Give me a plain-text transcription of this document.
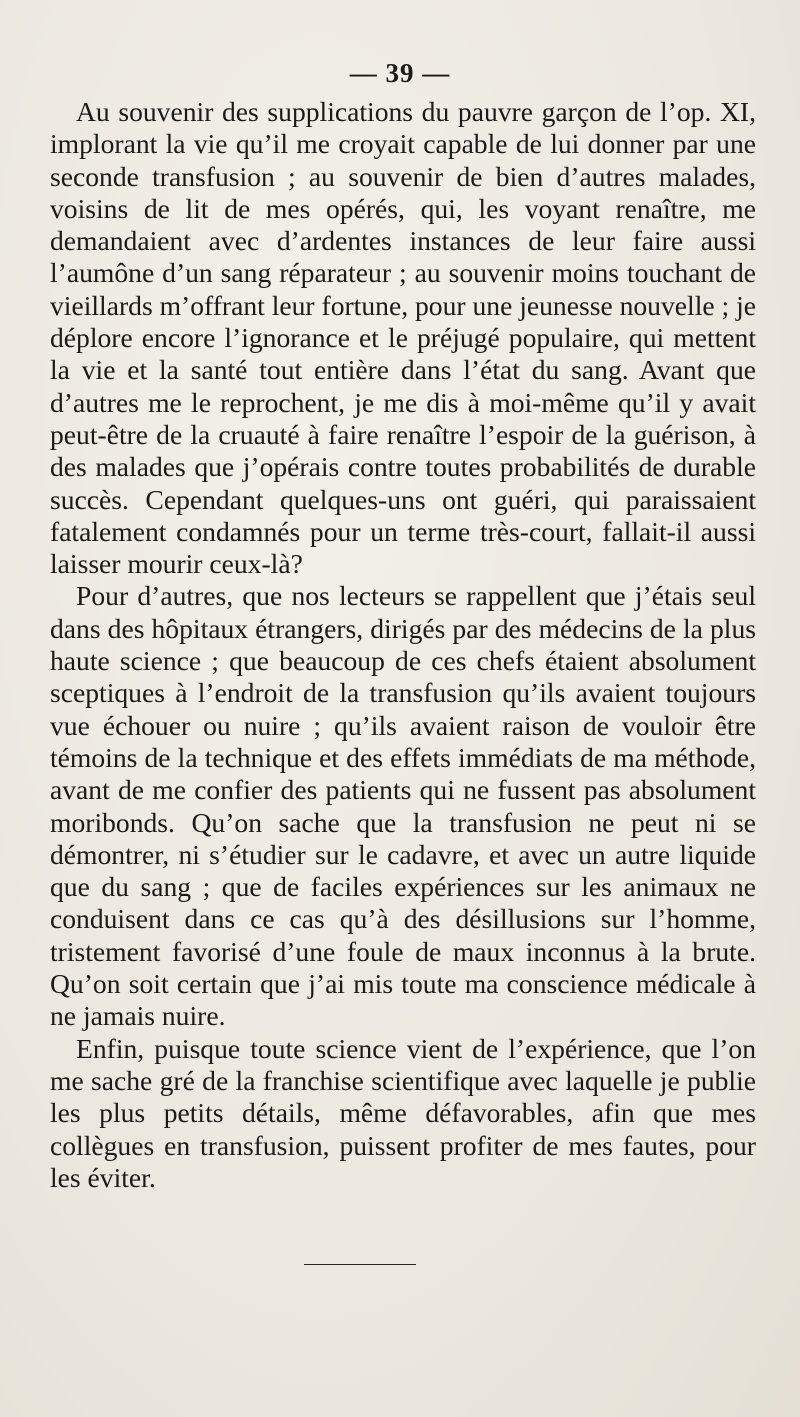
— 39 —

Au souvenir des supplications du pauvre garçon de l’op. XI, implorant la vie qu’il me croyait capable de lui donner par une seconde transfusion ; au souvenir de bien d’autres malades, voisins de lit de mes opérés, qui, les voyant renaître, me demandaient avec d’ardentes instances de leur faire aussi l’aumône d’un sang réparateur ; au souvenir moins touchant de vieillards m’offrant leur fortune, pour une jeunesse nouvelle ; je déplore encore l’ignorance et le préjugé populaire, qui mettent la vie et la santé tout entière dans l’état du sang. Avant que d’autres me le reprochent, je me dis à moi-même qu’il y avait peut-être de la cruauté à faire renaître l’espoir de la guérison, à des malades que j’opérais contre toutes probabilités de durable succès. Cependant quelques-uns ont guéri, qui paraissaient fatalement condamnés pour un terme très-court, fallait-il aussi laisser mourir ceux-là?

Pour d’autres, que nos lecteurs se rappellent que j’étais seul dans des hôpitaux étrangers, dirigés par des médecins de la plus haute science ; que beaucoup de ces chefs étaient absolument sceptiques à l’endroit de la transfusion qu’ils avaient toujours vue échouer ou nuire ; qu’ils avaient raison de vouloir être témoins de la technique et des effets immédiats de ma méthode, avant de me confier des patients qui ne fussent pas absolument moribonds. Qu’on sache que la transfusion ne peut ni se démontrer, ni s’étudier sur le cadavre, et avec un autre liquide que du sang ; que de faciles expériences sur les animaux ne conduisent dans ce cas qu’à des désillusions sur l’homme, tristement favorisé d’une foule de maux inconnus à la brute. Qu’on soit certain que j’ai mis toute ma conscience médicale à ne jamais nuire.

Enfin, puisque toute science vient de l’expérience, que l’on me sache gré de la franchise scientifique avec laquelle je publie les plus petits détails, même défavorables, afin que mes collègues en transfusion, puissent profiter de mes fautes, pour les éviter.
